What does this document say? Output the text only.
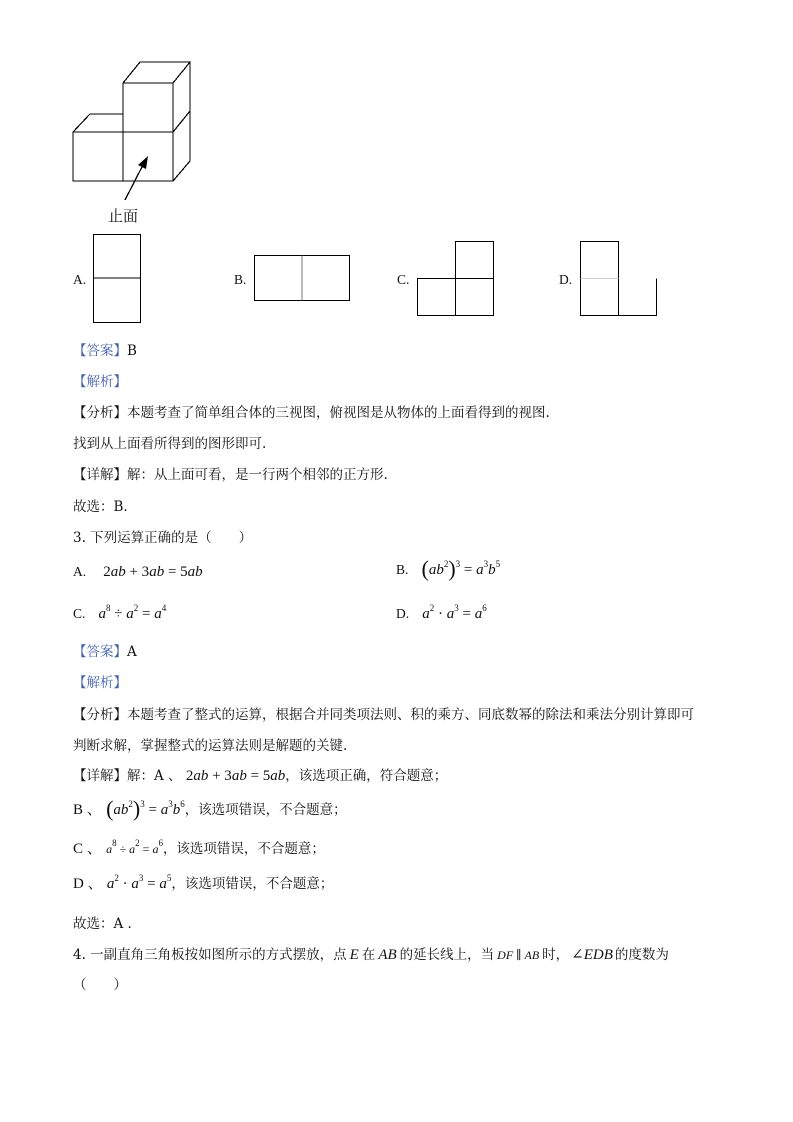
止面
A.	B.	C.	D.
【答案】B
【解析】
【分析】本题考查了简单组合体的三视图，俯视图是从物体的上面看得到的视图.
找到从上面看所得到的图形即可.
【详解】解：从上面可看，是一行两个相邻的正方形.
故选：B.
3. 下列运算正确的是（　　）
A. 2ab + 3ab = 5ab	B. $(ab^2)^3 = a^3b^5$
C. $a^8 \div a^2 = a^4$	D. $a^2 \cdot a^3 = a^6$
【答案】A
【解析】
【分析】本题考查了整式的运算，根据合并同类项法则、积的乘方、同底数幂的除法和乘法分别计算即可
判断求解，掌握整式的运算法则是解题的关键.
【详解】解：A 、 2ab + 3ab = 5ab，该选项正确，符合题意；
B 、 $(ab^2)^3 = a^3b^6$，该选项错误，不合题意；
C 、 $a^8 \div a^2 = a^6$，该选项错误，不合题意；
D 、 $a^2 \cdot a^3 = a^5$，该选项错误，不合题意；
故选：A .
4. 一副直角三角板按如图所示的方式摆放，点 E 在 AB 的延长线上，当 DF ∥ AB 时， ∠EDB 的度数为
（　　）
